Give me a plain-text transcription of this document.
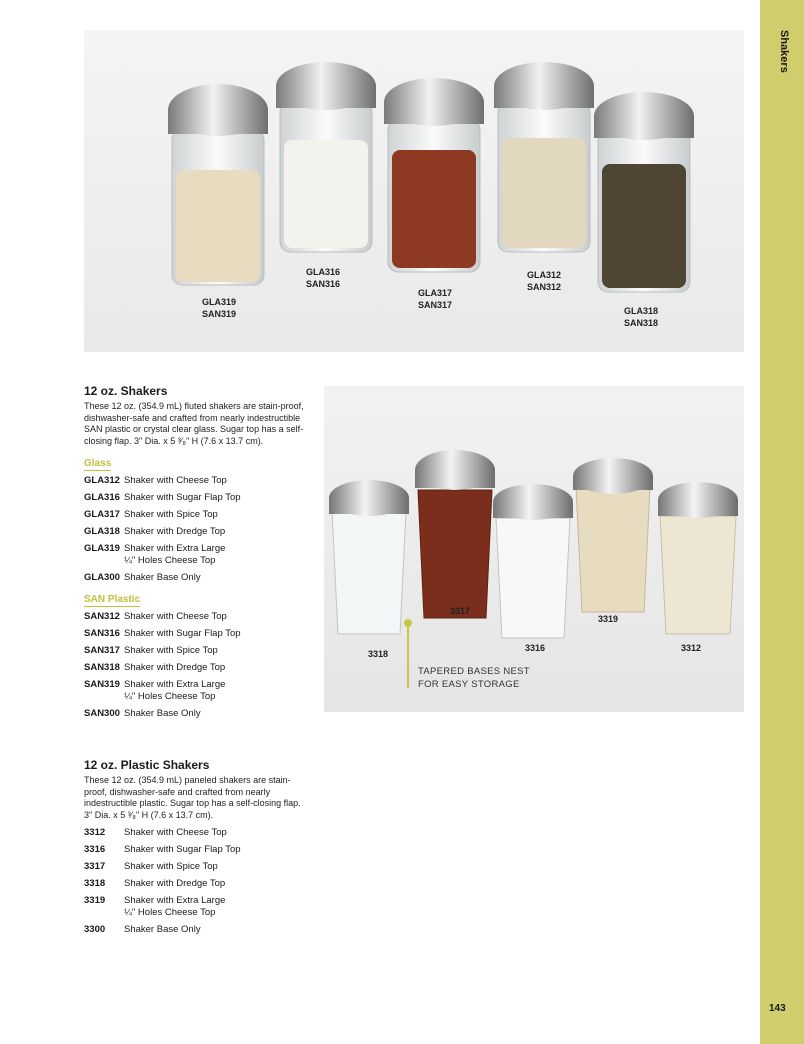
Shakers
143
GLA319
SAN319
GLA316
SAN316
GLA317
SAN317
GLA312
SAN312
GLA318
SAN318
3317
3318
3316
3319
3312
TAPERED BASES NEST
FOR EASY STORAGE
12 oz. Shakers
These 12 oz. (354.9 mL) fluted shakers are stain-proof, dishwasher-safe and crafted from nearly indestructible SAN plastic or crystal clear glass. Sugar top has a self-closing flap. 3" Dia. x 5 ³⁄₈" H (7.6 x 13.7 cm).
Glass
GLA312 Shaker with Cheese Top
GLA316 Shaker with Sugar Flap Top
GLA317 Shaker with Spice Top
GLA318 Shaker with Dredge Top
GLA319 Shaker with Extra Large
¼" Holes Cheese Top
GLA300 Shaker Base Only
SAN Plastic
SAN312 Shaker with Cheese Top
SAN316 Shaker with Sugar Flap Top
SAN317 Shaker with Spice Top
SAN318 Shaker with Dredge Top
SAN319 Shaker with Extra Large
¼" Holes Cheese Top
SAN300 Shaker Base Only
12 oz. Plastic Shakers
These 12 oz. (354.9 mL) paneled shakers are stain-proof, dishwasher-safe and crafted from nearly indestructible plastic. Sugar top has a self-closing flap. 3" Dia. x 5 ³⁄₈" H (7.6 x 13.7 cm).
3312	Shaker with Cheese Top
3316	Shaker with Sugar Flap Top
3317	Shaker with Spice Top
3318	Shaker with Dredge Top
3319	Shaker with Extra Large
¼" Holes Cheese Top
3300	Shaker Base Only
